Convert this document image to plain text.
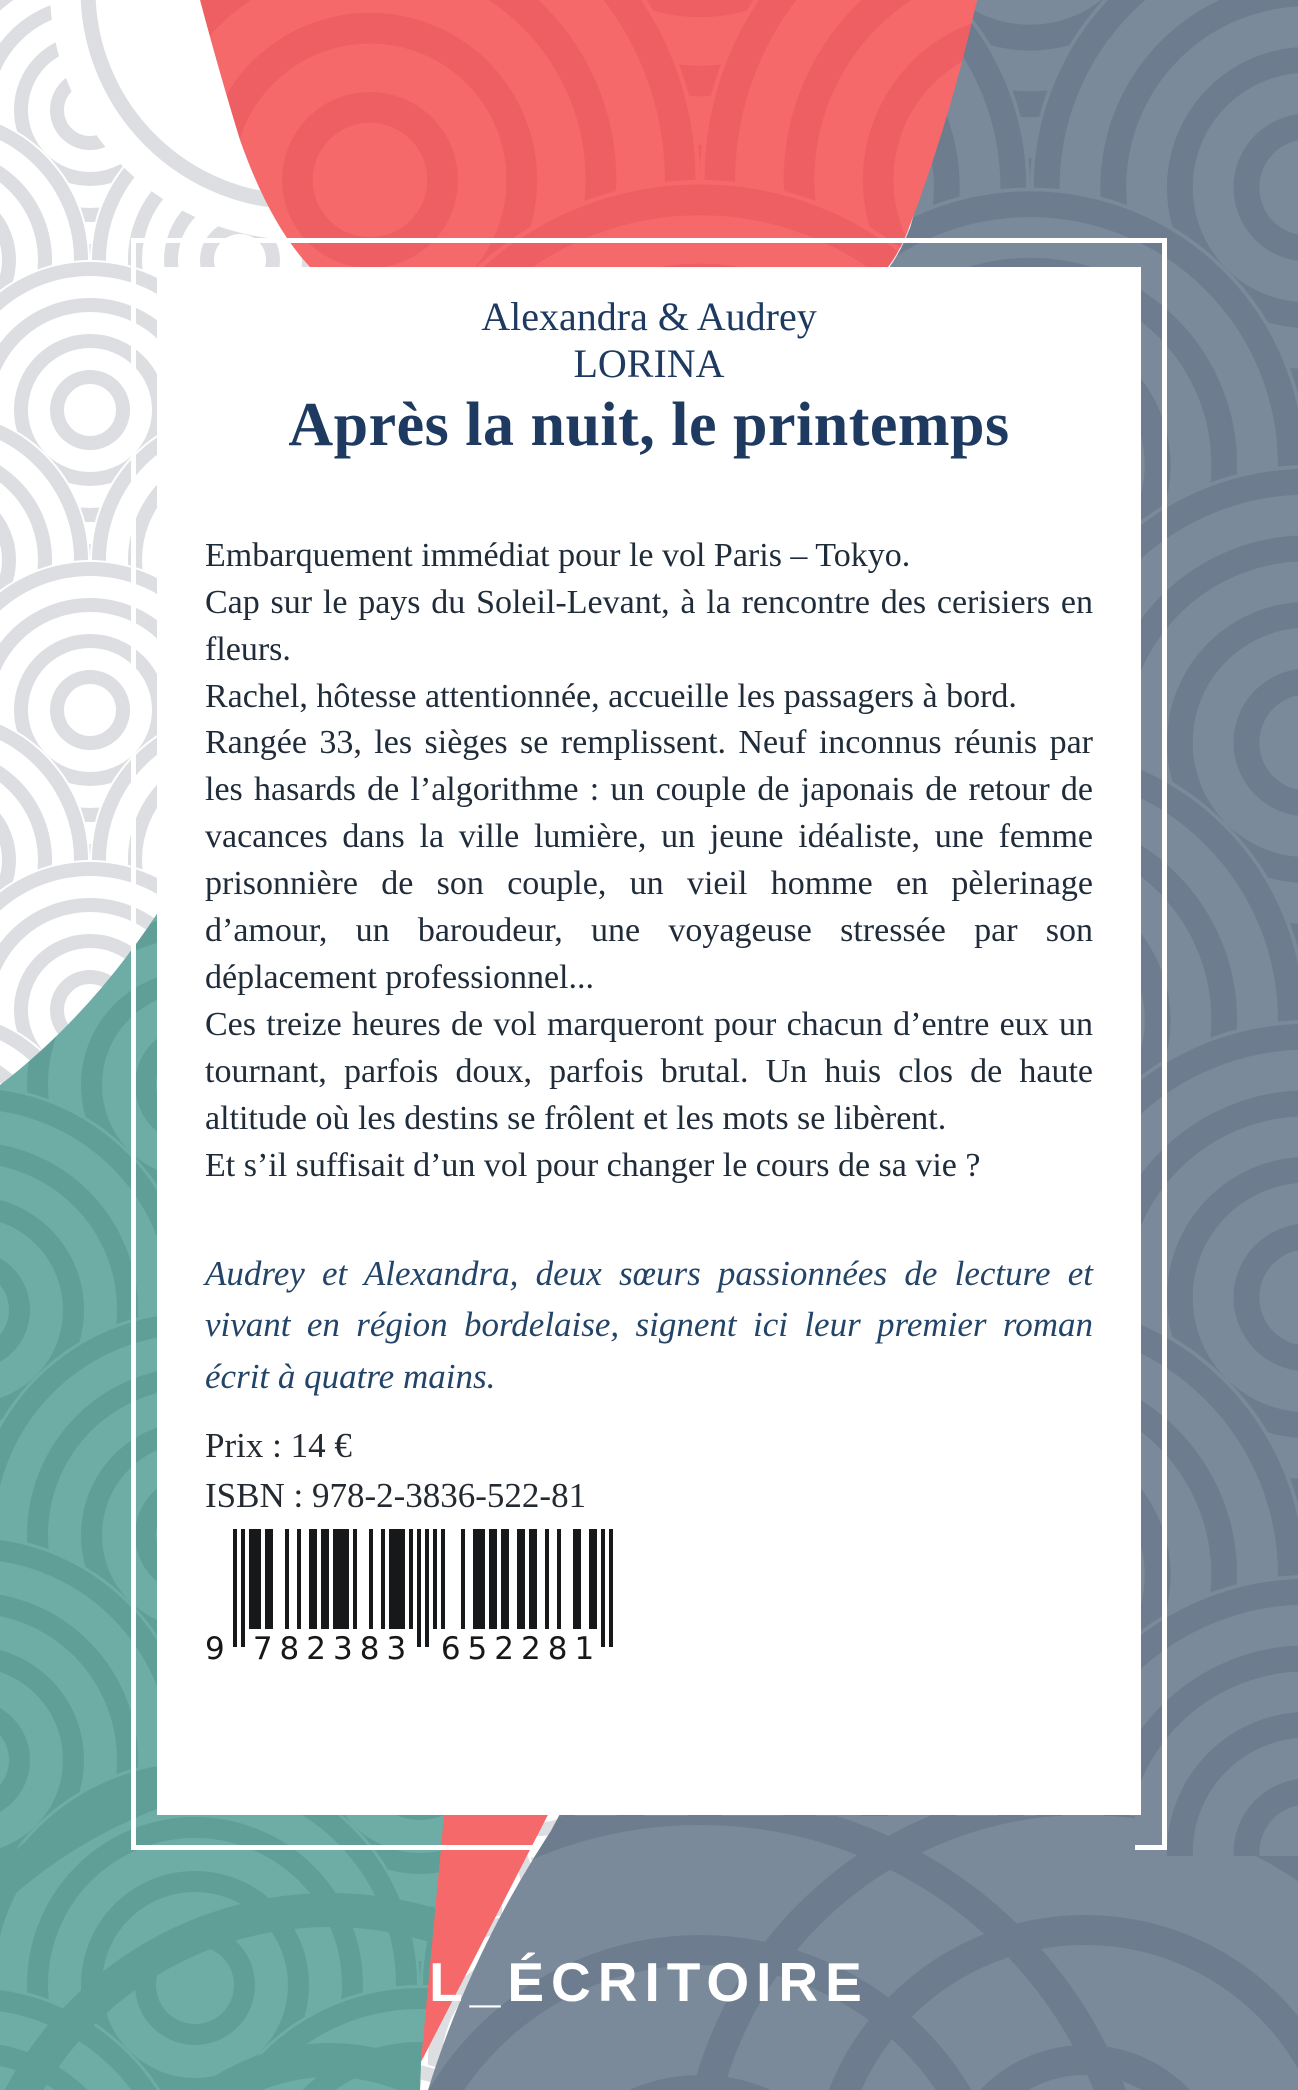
Alexandra & Audrey
LORINA
Après la nuit, le printemps

Embarquement immédiat pour le vol Paris – Tokyo.

Cap sur le pays du Soleil-Levant, à la rencontre des cerisiers en fleurs.

Rachel, hôtesse attentionnée, accueille les passagers à bord.

Rangée 33, les sièges se remplissent. Neuf inconnus réunis par les hasards de l’algorithme : un couple de japonais de retour de vacances dans la ville lumière, un jeune idéaliste, une femme prisonnière de son couple, un vieil homme en pèlerinage d’amour, un baroudeur, une voyageuse stressée par son déplacement professionnel...

Ces treize heures de vol marqueront pour chacun d’entre eux un tournant, parfois doux, parfois brutal. Un huis clos de haute altitude où les destins se frôlent et les mots se libèrent.

Et s’il suffisait d’un vol pour changer le cours de sa vie ?

Audrey et Alexandra, deux sœurs passionnées de lecture et vivant en région bordelaise, signent ici leur premier roman écrit à quatre mains.

Prix : 14 €
ISBN : 978-2-3836-522-81
9 782383 652281
L_ÉCRITOIRE
